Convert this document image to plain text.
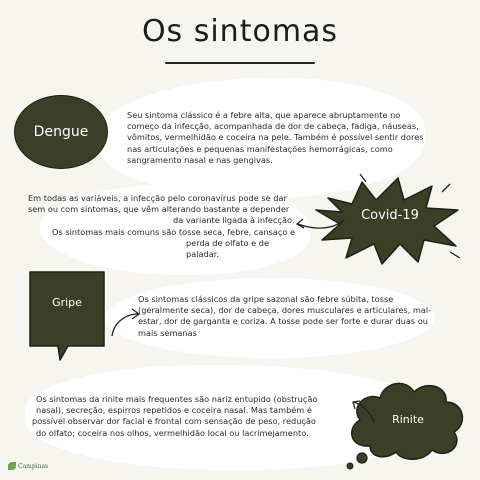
Os sintomas
Dengue
Seu sintoma clássico é a febre alta, que aparece abruptamente no começo da infecção, acompanhada de dor de cabeça, fadiga, náuseas, vômitos, vermelhidão e coceira na pele. Também é possível sentir dores nas articulações e pequenas manifestações hemorrágicas, como sangramento nasal e nas gengivas.
Em todas as variáveis, a infecção pelo coronavírus pode se dar
sem ou com sintomas, que vêm alterando bastante a depender
da variante ligada à infecção.
Os sintomas mais comuns são tosse seca, febre, cansaço e
perda de olfato e de paladar.
Covid-19
Gripe	Os sintomas clássicos da gripe sazonal são febre súbita, tosse (geralmente seca), dor de cabeça, dores musculares e articulares, mal-estar, dor de garganta e coriza. A tosse pode ser forte e durar duas ou mais semanas
Os sintomas da rinite mais frequentes são nariz entupido (obstrução
nasal), secreção, espirros repetidos e coceira nasal. Mas também é
possível observar dor facial e frontal com sensação de peso, redução
do olfato; coceira nos olhos, vermelhidão local ou lacrimejamento.
Rinite
Campinas
